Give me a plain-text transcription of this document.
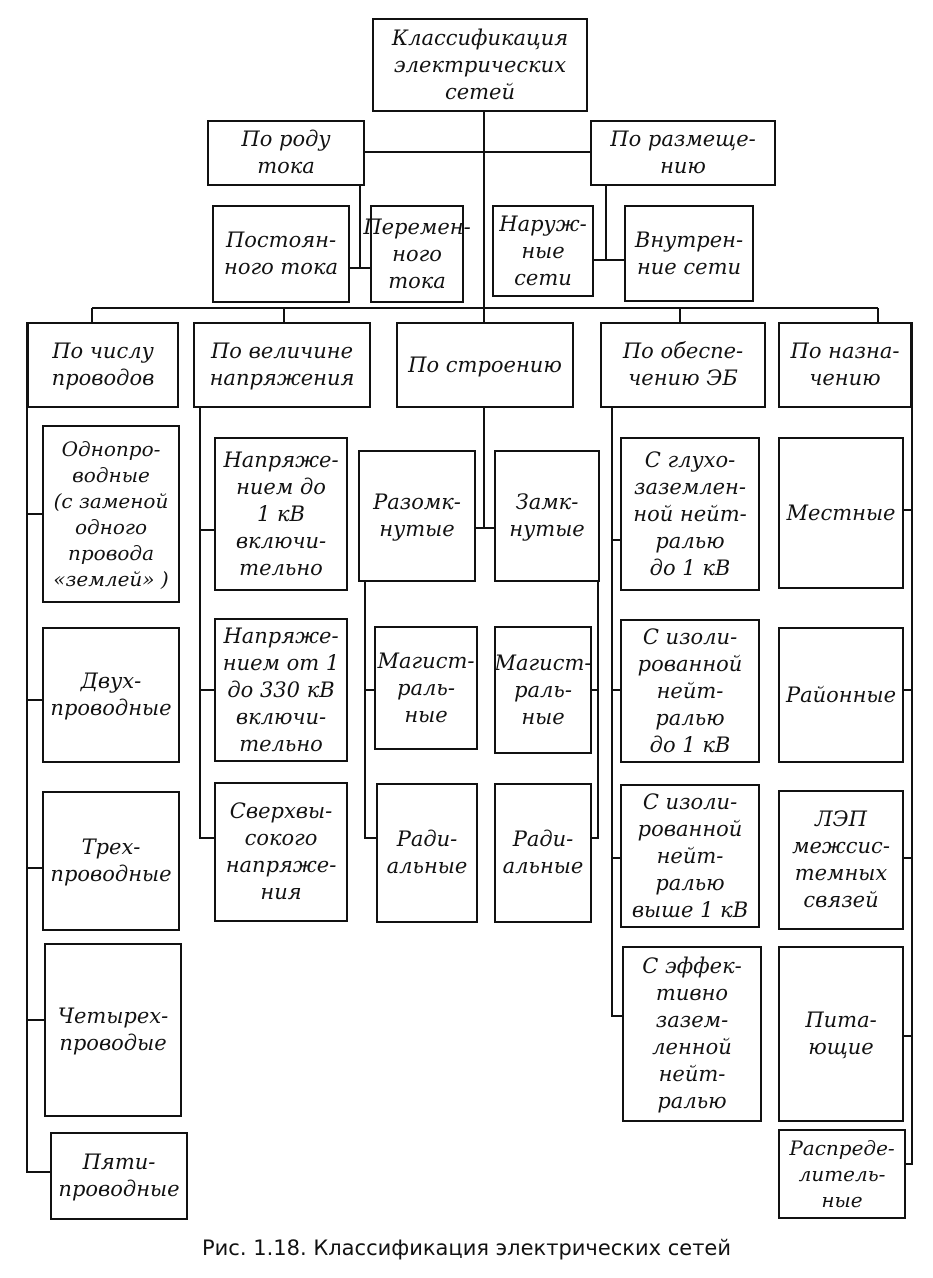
Классификация
электрических
сетей
По роду
тока
По размеще-
нию
Постоян-
ного тока
Перемен-
ного
тока
Наруж-
ные
сети
Внутрен-
ние сети
По числу
проводов
По величине
напряжения
По строению
По обеспе-
чению ЭБ
По назна-
чению
Однопро-
водные
(с заменой
одного
провода
«землей» )
Двух-
проводные
Трех-
проводные
Четырех-
проводые
Пяти-
проводные
Напряже-
нием до
1 кВ
включи-
тельно
Напряже-
нием от 1
до 330 кВ
включи-
тельно
Сверхвы-
сокого
напряже-
ния
Разомк-
нутые
Замк-
нутые
Магист-
раль-
ные
Магист-
раль-
ные
Ради-
альные
Ради-
альные
С глухо-
заземлен-
ной нейт-
ралью
до 1 кВ
С изоли-
рованной
нейт-
ралью
до 1 кВ
С изоли-
рованной
нейт-
ралью
выше 1 кВ
С эффек-
тивно
зазем-
ленной
нейт-
ралью
Местные
Районные
ЛЭП
межсис-
темных
связей
Пита-
ющие
Распреде-
литель-
ные
Рис. 1.18. Классификация электрических сетей
